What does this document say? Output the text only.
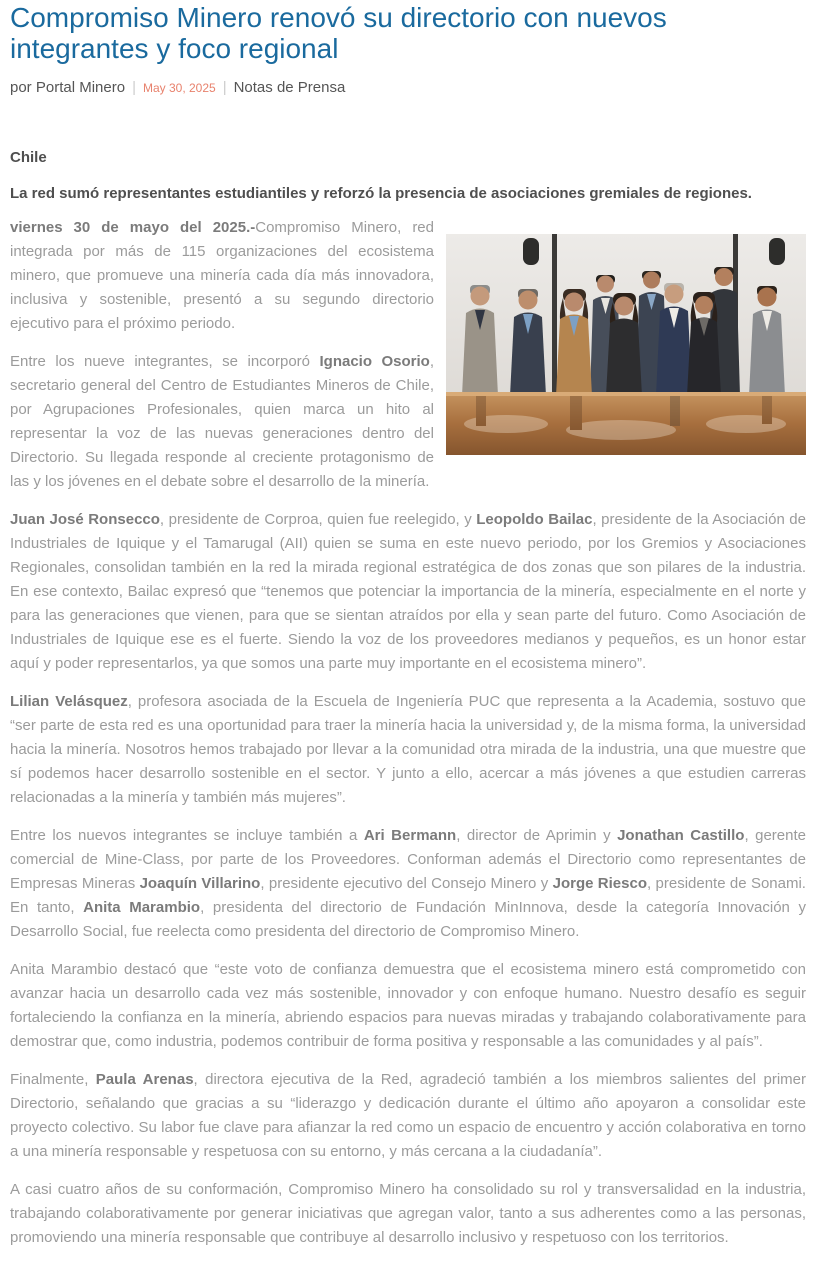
Compromiso Minero renovó su directorio con nuevos integrantes y foco regional
por Portal Minero | May 30, 2025 | Notas de Prensa

Chile

La red sumó representantes estudiantiles y reforzó la presencia de asociaciones gremiales de regiones.

viernes 30 de mayo del 2025.-Compromiso Minero, red integrada por más de 115 organizaciones del ecosistema minero, que promueve una minería cada día más innovadora, inclusiva y sostenible, presentó a su segundo directorio ejecutivo para el próximo periodo.

Entre los nueve integrantes, se incorporó Ignacio Osorio, secretario general del Centro de Estudiantes Mineros de Chile, por Agrupaciones Profesionales, quien marca un hito al representar la voz de las nuevas generaciones dentro del Directorio. Su llegada responde al creciente protagonismo de las y los jóvenes en el debate sobre el desarrollo de la minería.

Juan José Ronsecco, presidente de Corproa, quien fue reelegido, y Leopoldo Bailac, presidente de la Asociación de Industriales de Iquique y el Tamarugal (AII) quien se suma en este nuevo periodo, por los Gremios y Asociaciones Regionales, consolidan también en la red la mirada regional estratégica de dos zonas que son pilares de la industria. En ese contexto, Bailac expresó que “tenemos que potenciar la importancia de la minería, especialmente en el norte y para las generaciones que vienen, para que se sientan atraídos por ella y sean parte del futuro. Como Asociación de Industriales de Iquique ese es el fuerte. Siendo la voz de los proveedores medianos y pequeños, es un honor estar aquí y poder representarlos, ya que somos una parte muy importante en el ecosistema minero”.

Lilian Velásquez, profesora asociada de la Escuela de Ingeniería PUC que representa a la Academia, sostuvo que “ser parte de esta red es una oportunidad para traer la minería hacia la universidad y, de la misma forma, la universidad hacia la minería. Nosotros hemos trabajado por llevar a la comunidad otra mirada de la industria, una que muestre que sí podemos hacer desarrollo sostenible en el sector. Y junto a ello, acercar a más jóvenes a que estudien carreras relacionadas a la minería y también más mujeres”.

Entre los nuevos integrantes se incluye también a Ari Bermann, director de Aprimin y Jonathan Castillo, gerente comercial de Mine-Class, por parte de los Proveedores. Conforman además el Directorio como representantes de Empresas Mineras Joaquín Villarino, presidente ejecutivo del Consejo Minero y Jorge Riesco, presidente de Sonami. En tanto, Anita Marambio, presidenta del directorio de Fundación MinInnova, desde la categoría Innovación y Desarrollo Social, fue reelecta como presidenta del directorio de Compromiso Minero.

Anita Marambio destacó que “este voto de confianza demuestra que el ecosistema minero está comprometido con avanzar hacia un desarrollo cada vez más sostenible, innovador y con enfoque humano. Nuestro desafío es seguir fortaleciendo la confianza en la minería, abriendo espacios para nuevas miradas y trabajando colaborativamente para demostrar que, como industria, podemos contribuir de forma positiva y responsable a las comunidades y al país”.

Finalmente, Paula Arenas, directora ejecutiva de la Red, agradeció también a los miembros salientes del primer Directorio, señalando que gracias a su “liderazgo y dedicación durante el último año apoyaron a consolidar este proyecto colectivo. Su labor fue clave para afianzar la red como un espacio de encuentro y acción colaborativa en torno a una minería responsable y respetuosa con su entorno, y más cercana a la ciudadanía”.

A casi cuatro años de su conformación, Compromiso Minero ha consolidado su rol y transversalidad en la industria, trabajando colaborativamente por generar iniciativas que agregan valor, tanto a sus adherentes como a las personas, promoviendo una minería responsable que contribuye al desarrollo inclusivo y respetuoso con los territorios.
